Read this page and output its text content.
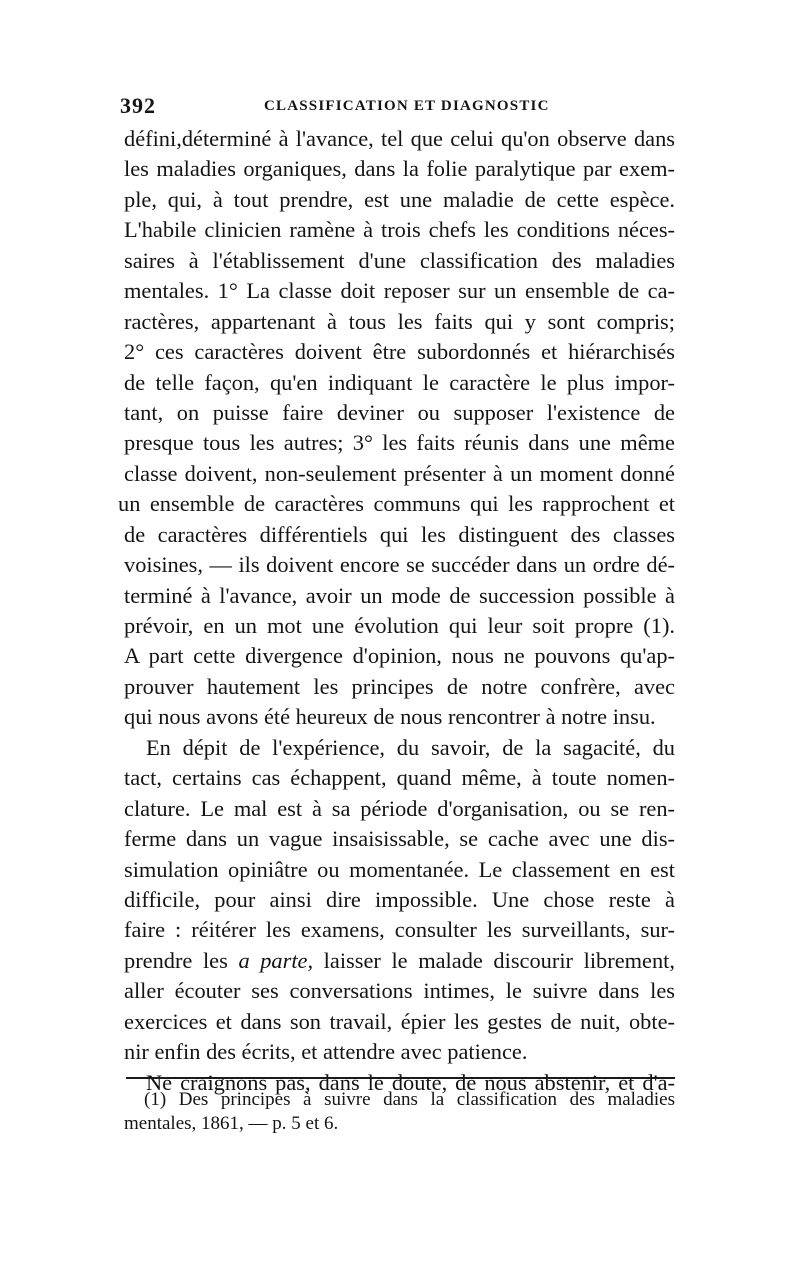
392	CLASSIFICATION ET DIAGNOSTIC
défini,déterminé à l'avance, tel que celui qu'on observe dans
les maladies organiques, dans la folie paralytique par exem-
ple, qui, à tout prendre, est une maladie de cette espèce.
L'habile clinicien ramène à trois chefs les conditions néces-
saires à l'établissement d'une classification des maladies
mentales. 1° La classe doit reposer sur un ensemble de ca-
ractères, appartenant à tous les faits qui y sont compris;
2° ces caractères doivent être subordonnés et hiérarchisés
de telle façon, qu'en indiquant le caractère le plus impor-
tant, on puisse faire deviner ou supposer l'existence de
presque tous les autres; 3° les faits réunis dans une même
classe doivent, non-seulement présenter à un moment donné
un ensemble de caractères communs qui les rapprochent et
de caractères différentiels qui les distinguent des classes
voisines, — ils doivent encore se succéder dans un ordre dé-
terminé à l'avance, avoir un mode de succession possible à
prévoir, en un mot une évolution qui leur soit propre (1).
A part cette divergence d'opinion, nous ne pouvons qu'ap-
prouver hautement les principes de notre confrère, avec
qui nous avons été heureux de nous rencontrer à notre insu.
En dépit de l'expérience, du savoir, de la sagacité, du
tact, certains cas échappent, quand même, à toute nomen-
clature. Le mal est à sa période d'organisation, ou se ren-
ferme dans un vague insaisissable, se cache avec une dis-
simulation opiniâtre ou momentanée. Le classement en est
difficile, pour ainsi dire impossible. Une chose reste à
faire : réitérer les examens, consulter les surveillants, sur-
prendre les a parte, laisser le malade discourir librement,
aller écouter ses conversations intimes, le suivre dans les
exercices et dans son travail, épier les gestes de nuit, obte-
nir enfin des écrits, et attendre avec patience.
Ne craignons pas, dans le doute, de nous abstenir, et d'a-
(1) Des principes à suivre dans la classification des maladies
mentales, 1861, — p. 5 et 6.
